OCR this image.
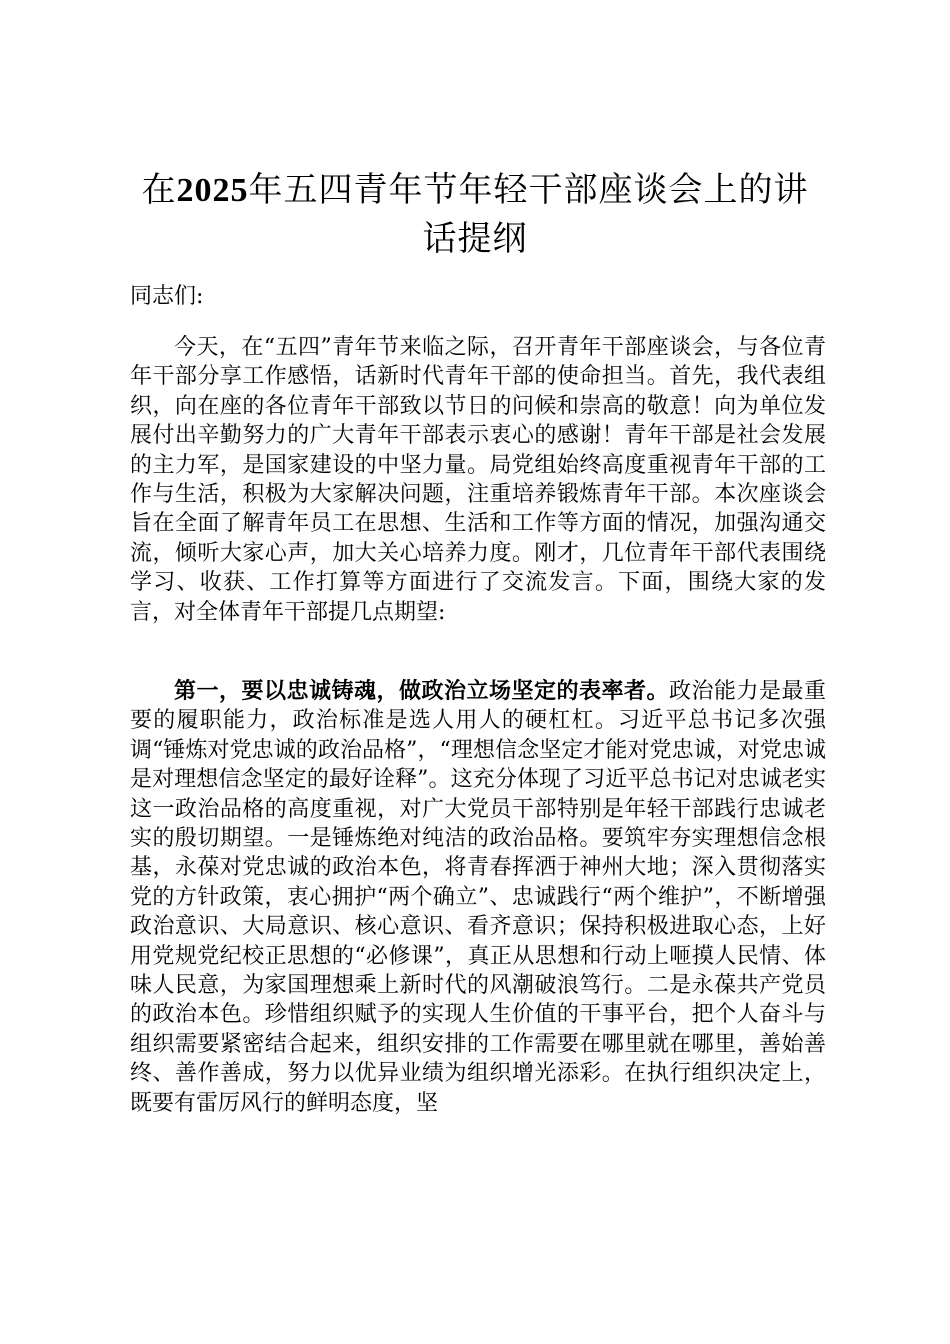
在2025年五四青年节年轻干部座谈会上的讲话提纲

同志们:

今天，在“五四”青年节来临之际，召开青年干部座谈会，与各位青年干部分享工作感悟，话新时代青年干部的使命担当。首先，我代表组织，向在座的各位青年干部致以节日的问候和崇高的敬意！向为单位发展付出辛勤努力的广大青年干部表示衷心的感谢！青年干部是社会发展的主力军，是国家建设的中坚力量。局党组始终高度重视青年干部的工作与生活，积极为大家解决问题，注重培养锻炼青年干部。本次座谈会旨在全面了解青年员工在思想、生活和工作等方面的情况，加强沟通交流，倾听大家心声，加大关心培养力度。刚才，几位青年干部代表围绕学习、收获、工作打算等方面进行了交流发言。下面，围绕大家的发言，对全体青年干部提几点期望:

第一，要以忠诚铸魂，做政治立场坚定的表率者。政治能力是最重要的履职能力，政治标准是选人用人的硬杠杠。习近平总书记多次强调“锤炼对党忠诚的政治品格”，“理想信念坚定才能对党忠诚，对党忠诚是对理想信念坚定的最好诠释”。这充分体现了习近平总书记对忠诚老实这一政治品格的高度重视，对广大党员干部特别是年轻干部践行忠诚老实的殷切期望。一是锤炼绝对纯洁的政治品格。要筑牢夯实理想信念根基，永葆对党忠诚的政治本色，将青春挥洒于神州大地；深入贯彻落实党的方针政策，衷心拥护“两个确立”、忠诚践行“两个维护”，不断增强政治意识、大局意识、核心意识、看齐意识；保持积极进取心态，上好用党规党纪校正思想的“必修课”，真正从思想和行动上咂摸人民情、体味人民意，为家国理想乘上新时代的风潮破浪笃行。二是永葆共产党员的政治本色。珍惜组织赋予的实现人生价值的干事平台，把个人奋斗与组织需要紧密结合起来，组织安排的工作需要在哪里就在哪里，善始善终、善作善成，努力以优异业绩为组织增光添彩。在执行组织决定上，既要有雷厉风行的鲜明态度，坚
